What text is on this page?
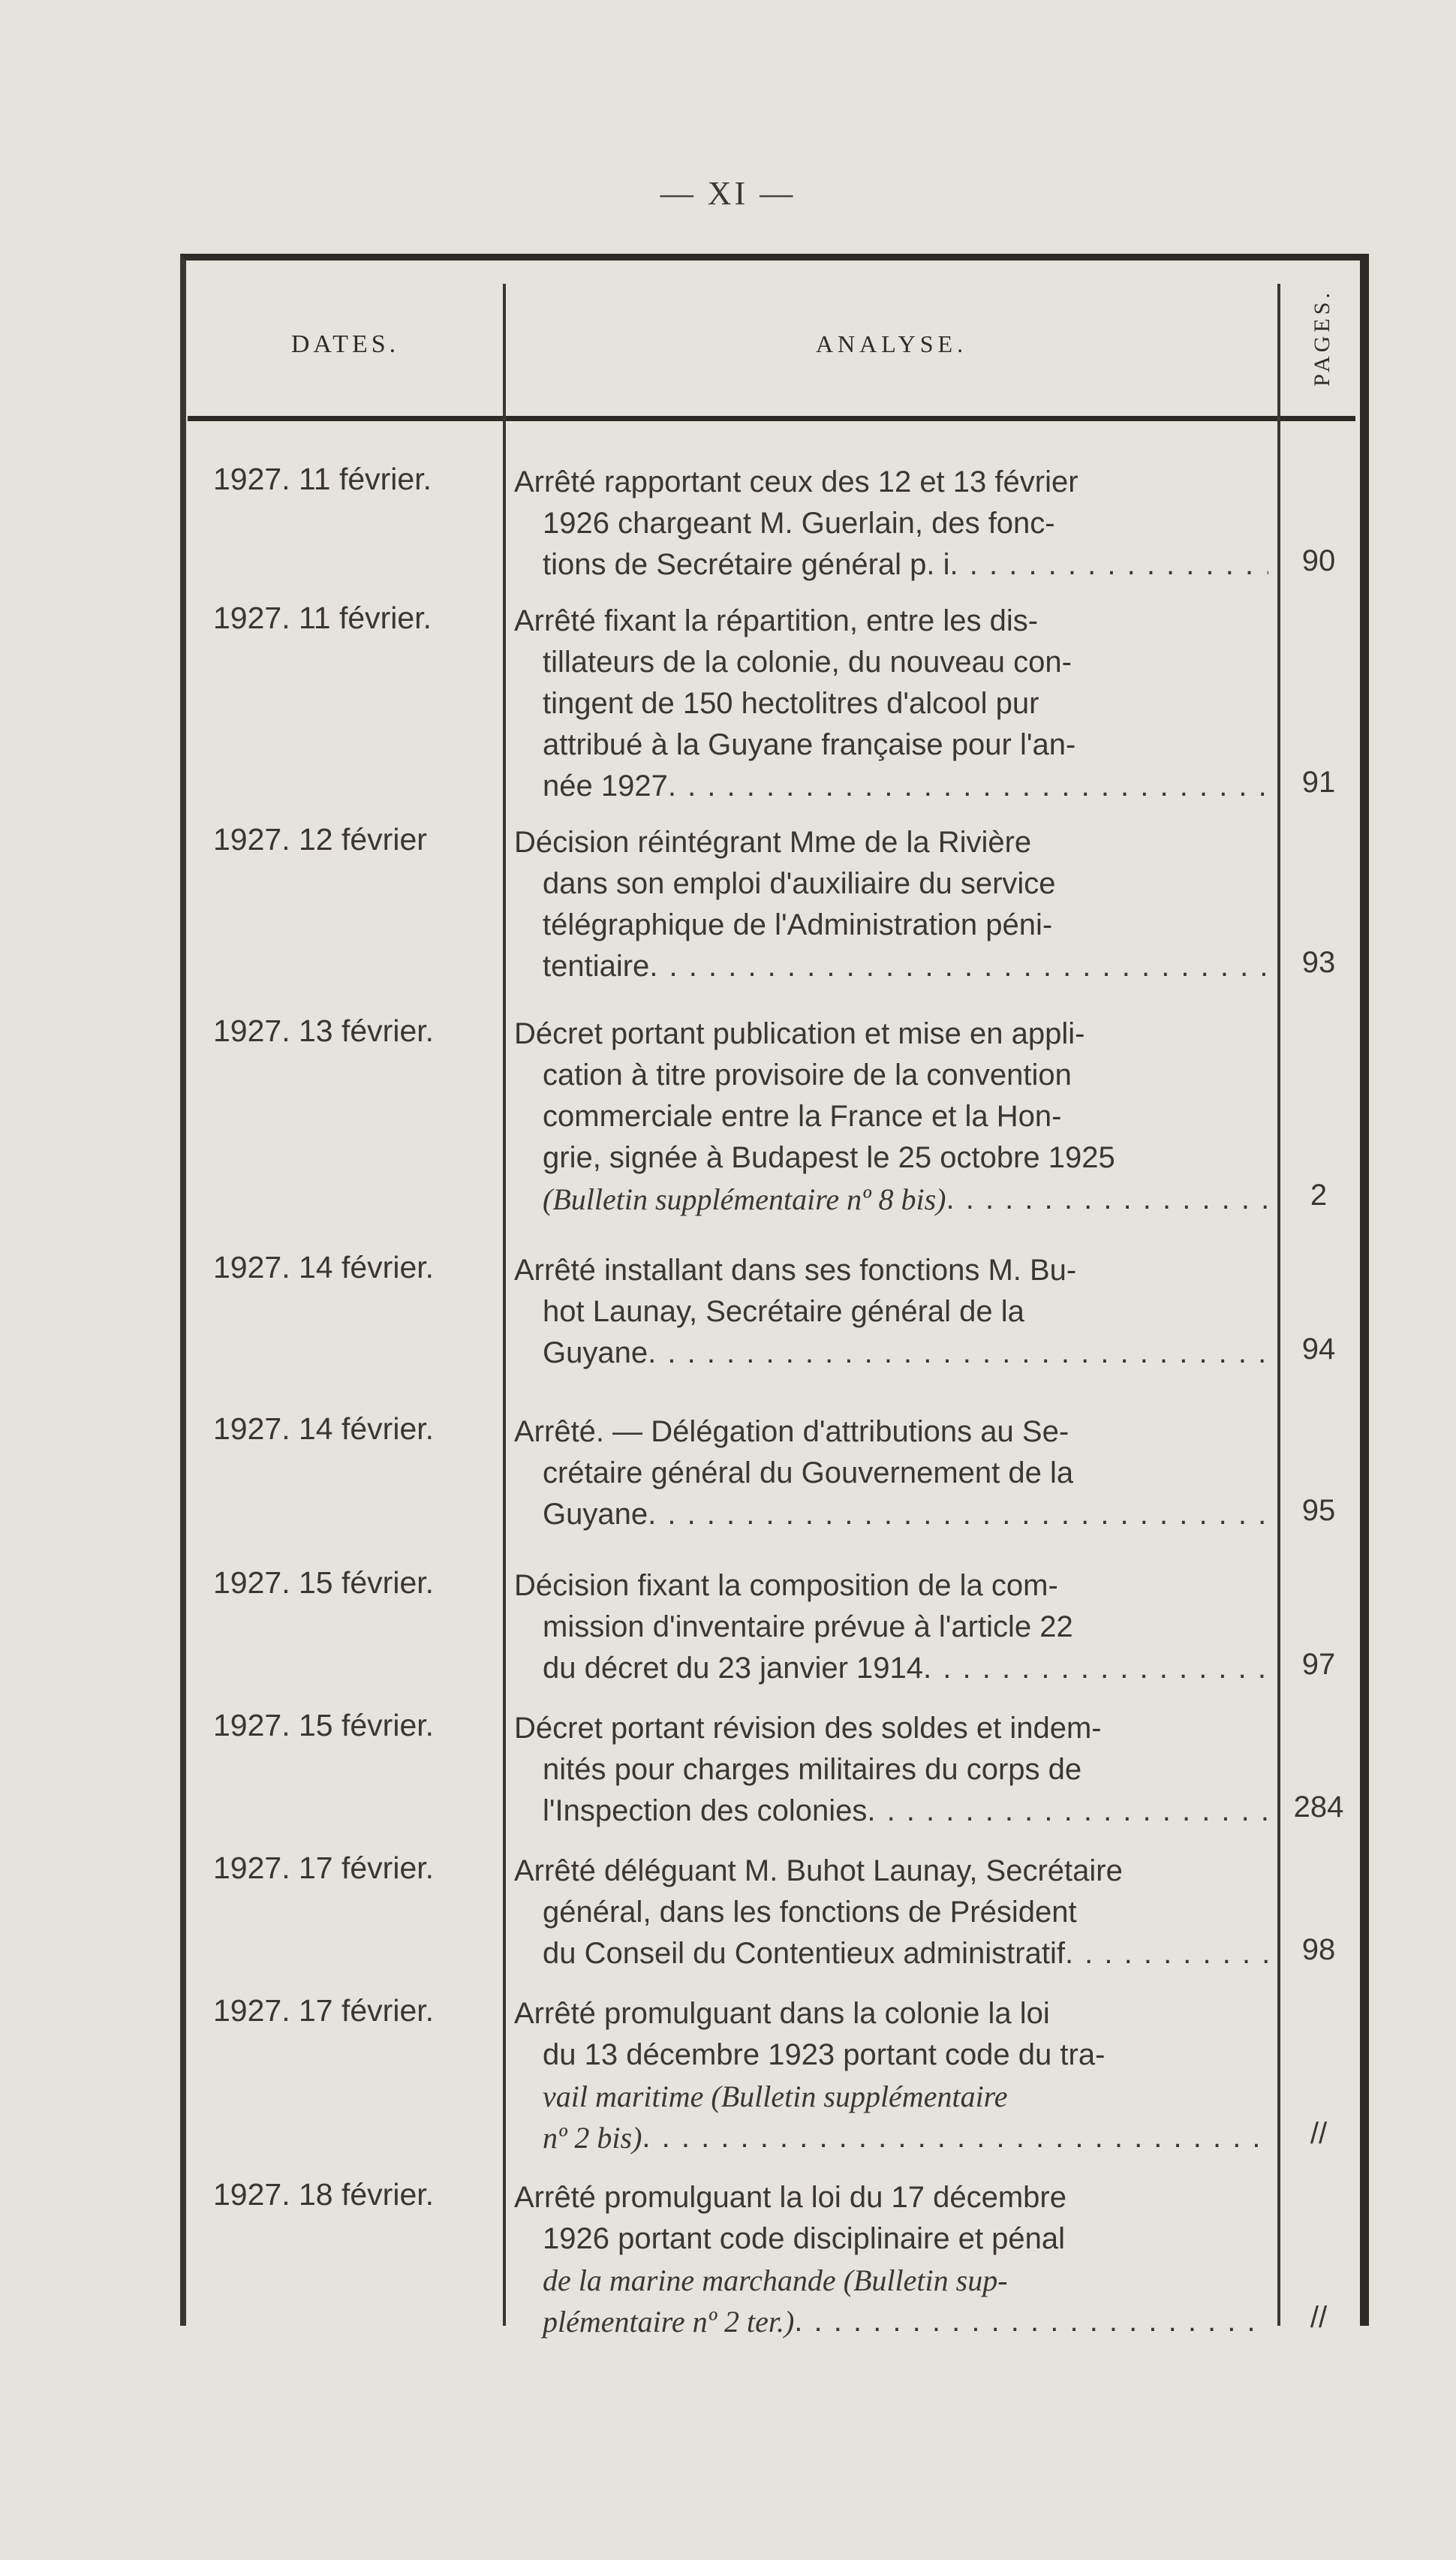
— XI —
DATES.	ANALYSE.	PAGES.
1927. 11 février.	Arrêté rapportant ceux des 12 et 13 février
1926 chargeant M. Guerlain, des fonc-
tions de Secrétaire général p. i . . .	90
1927. 11 février.	Arrêté fixant la répartition, entre les dis-
tillateurs de la colonie, du nouveau con-
tingent de 150 hectolitres d'alcool pur
attribué à la Guyane française pour l'an-
née 1927 . . .	91
1927. 12 février	Décision réintégrant Mme de la Rivière
dans son emploi d'auxiliaire du service
télégraphique de l'Administration péni-
tentiaire . . .	93
1927. 13 février.	Décret portant publication et mise en appli-
cation à titre provisoire de la convention
commerciale entre la France et la Hon-
grie, signée à Budapest le 25 octobre 1925
(Bulletin supplémentaire nº 8 bis) . . .	2
1927. 14 février.	Arrêté installant dans ses fonctions M. Bu-
hot Launay, Secrétaire général de la
Guyane . . .	94
1927. 14 février.	Arrêté. — Délégation d'attributions au Se-
crétaire général du Gouvernement de la
Guyane . . .	95
1927. 15 février.	Décision fixant la composition de la com-
mission d'inventaire prévue à l'article 22
du décret du 23 janvier 1914 . . .	97
1927. 15 février.	Décret portant révision des soldes et indem-
nités pour charges militaires du corps de
l'Inspection des colonies . . .	284
1927. 17 février.	Arrêté déléguant M. Buhot Launay, Secrétaire
général, dans les fonctions de Président
du Conseil du Contentieux administratif . . .	98
1927. 17 février.	Arrêté promulguant dans la colonie la loi
du 13 décembre 1923 portant code du tra-
vail maritime (Bulletin supplémentaire
nº 2 bis) . . .	//
1927. 18 février.	Arrêté promulguant la loi du 17 décembre
1926 portant code disciplinaire et pénal
de la marine marchande (Bulletin sup-
plémentaire nº 2 ter.) . . .	//
